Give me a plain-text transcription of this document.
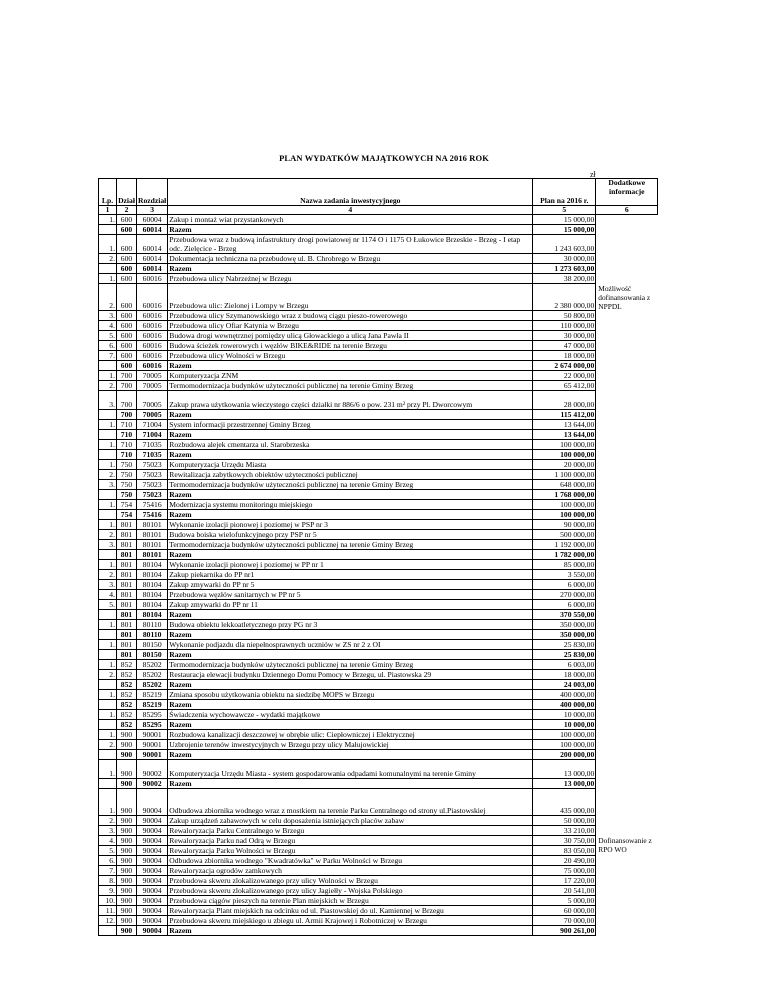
PLAN WYDATKÓW MAJĄTKOWYCH NA 2016 ROK
zł
Lp.	Dział	Rozdział	Nazwa zadania inwestycyjnego	Plan na 2016 r.	Dodatkowe informacje
1	2	3	4	5	6
1.	600	60004	Zakup i montaż wiat przystankowych	15 000,00	
	600	60014	Razem	15 000,00	
1.	600	60014	Przebudowa wraz z budową infastruktury drogi powiatowej nr 1174 O i 1175 O Łukowice Brzeskie - Brzeg - I etap odc. Zielęcice - Brzeg	1 243 603,00	
2.	600	60014	Dokumentacja techniczna na przebudowę ul. B. Chrobrego w Brzegu	30 000,00	
	600	60014	Razem	1 273 603,00	
1.	600	60016	Przebudowa ulicy Nabrzeżnej w Brzegu	38 200,00	
2.	600	60016	Przebudowa ulic: Zielonej i Lompy w Brzegu	2 380 000,00	Możliwość dofinansowania z NPPDL
3.	600	60016	Przebudowa ulicy Szymanowskiego wraz z budową ciągu pieszo-rowerowego	50 800,00	
4.	600	60016	Przebudowa ulicy Ofiar Katynia w Brzegu	110 000,00	
5.	600	60016	Budowa drogi wewnętrznej pomiędzy ulicą Głowackiego a ulicą Jana Pawła II	30 000,00	
6.	600	60016	Budowa ścieżek rowerowych i węzłów BIKE&RIDE na terenie Brzegu	47 000,00	
7.	600	60016	Przebudowa ulicy Wolności w Brzegu	18 000,00	
	600	60016	Razem	2 674 000,00	
1.	700	70005	Komputeryzacja ZNM	22 000,00	
2.	700	70005	Termomodernizacja budynków użyteczności publicznej na terenie Gminy Brzeg	65 412,00	
3.	700	70005	Zakup prawa użytkowania wieczystego części działki nr 886/6 o pow. 231 m² przy Pl. Dworcowym	28 000,00	
	700	70005	Razem	115 412,00	
1.	710	71004	System informacji przestrzennej Gminy Brzeg	13 644,00	
	710	71004	Razem	13 644,00	
1.	710	71035	Rozbudowa alejek cmentarza ul. Starobrzeska	100 000,00	
	710	71035	Razem	100 000,00	
1.	750	75023	Komputeryzacja Urzędu Miasta	20 000,00	
2.	750	75023	Rewitalizacja zabytkowych obiektów użyteczności publicznej	1 100 000,00	
3.	750	75023	Termomodernizacja budynków użyteczności publicznej na terenie Gminy Brzeg	648 000,00	
	750	75023	Razem	1 768 000,00	
1.	754	75416	Modernizacja systemu monitoringu miejskiego	100 000,00	
	754	75416	Razem	100 000,00	
1.	801	80101	Wykonanie izolacji pionowej i poziomej w PSP nr 3	90 000,00	
2.	801	80101	Budowa boiska wielofunkcyjnego przy PSP nr 5	500 000,00	
3.	801	80101	Termomodernizacja budynków użyteczności publicznej na terenie Gminy Brzeg	1 192 000,00	
	801	80101	Razem	1 782 000,00	
1.	801	80104	Wykonanie izolacji pionowej i poziomej w PP nr 1	85 000,00	
2.	801	80104	Zakup piekarnika do PP nr1	3 550,00	
3.	801	80104	Zakup zmywarki do PP nr 5	6 000,00	
4.	801	80104	Przebudowa węzłów sanitarnych w PP nr 5	270 000,00	
5.	801	80104	Zakup zmywarki do PP nr 11	6 000,00	
	801	80104	Razem	370 550,00	
1.	801	80110	Budowa obiektu lekkoatletycznego przy PG nr 3	350 000,00	
	801	80110	Razem	350 000,00	
1.	801	80150	Wykonanie podjazdu dla niepełnosprawnych uczniów w ZS nr 2 z OI	25 830,00	
	801	80150	Razem	25 830,00	
1.	852	85202	Termomodernizacja budynków użyteczności publicznej na terenie Gminy Brzeg	6 003,00	
2.	852	85202	Restauracja elewacji budynku Dziennego Domu Pomocy w Brzegu, ul. Piastowska 29	18 000,00	
	852	85202	Razem	24 003,00	
1.	852	85219	Zmiana sposobu użytkowania obiektu na siedzibę MOPS w Brzegu	400 000,00	
	852	85219	Razem	400 000,00	
1.	852	85295	Świadczenia wychowawcze - wydatki majątkowe	10 000,00	
	852	85295	Razem	10 000,00	
1.	900	90001	Rozbudowa kanalizacji deszczowej w obrębie ulic: Ciepłowniczej i Elektrycznej	100 000,00	
2.	900	90001	Uzbrojenie terenów inwestycyjnych w Brzegu przy ulicy Małujowickiej	100 000,00	
	900	90001	Razem	200 000,00	
1.	900	90002	Komputeryzacja Urzędu Miasta - system gospodarowania odpadami komunalnymi na terenie Gminy	13 000,00	
	900	90002	Razem	13 000,00	
1.	900	90004	Odbudowa zbiornika wodnego wraz z mostkiem na terenie Parku Centralnego od strony ul.Piastowskiej	435 000,00	
2.	900	90004	Zakup urządzeń zabawowych w celu doposażenia istniejących placów zabaw	50 000,00	
3.	900	90004	Rewaloryzacja Parku Centralnego w Brzegu	33 210,00	
4.	900	90004	Rewaloryzacja Parku nad Odrą w Brzegu	30 750,00	Dofinansowanie z RPO WO
5.	900	90004	Rewaloryzacja Parku Wolności w Brzegu	83 050,00	
6.	900	90004	Odbudowa zbiornika wodnego "Kwadratówka" w Parku Wolności w Brzegu	20 490,00	
7.	900	90004	Rewaloryzacja ogrodów zamkowych	75 000,00	
8.	900	90004	Przebudowa skweru zlokalizowanego przy ulicy Wolności w Brzegu	17 220,00	
9.	900	90004	Przebudowa skweru zlokalizowanego przy ulicy Jagiełły - Wojska Polskiego	20 541,00	
10.	900	90004	Przebudowa ciągów pieszych na terenie Plan miejskich w Brzegu	5 000,00	
11.	900	90004	Rewaloryzacja Plant miejskich na odcinku od ul. Piastowskiej do ul. Kamiennej w Brzegu	60 000,00	
12.	900	90004	Przebudowa skweru miejskiego u zbiegu ul. Armii Krajowej i Robotniczej w Brzegu	70 000,00	
	900	90004	Razem	900 261,00	
